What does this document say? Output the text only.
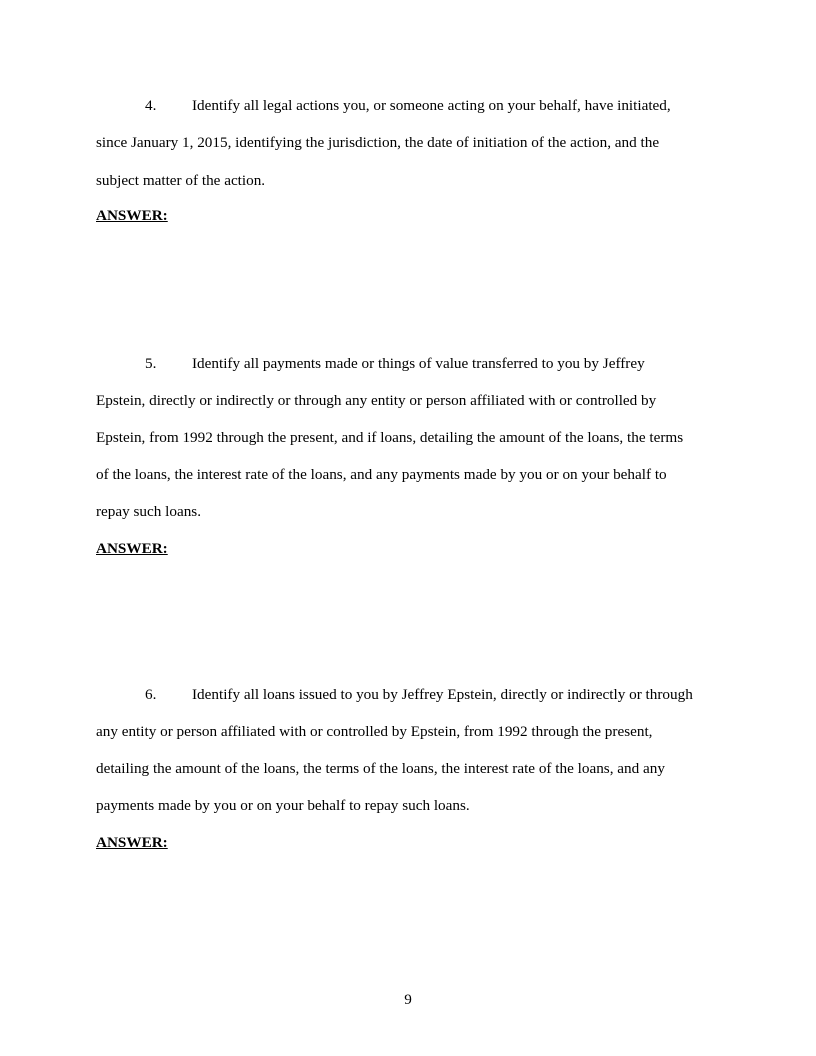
4. Identify all legal actions you, or someone acting on your behalf, have initiated,
since January 1, 2015, identifying the jurisdiction, the date of initiation of the action, and the
subject matter of the action.
ANSWER:
5. Identify all payments made or things of value transferred to you by Jeffrey
Epstein, directly or indirectly or through any entity or person affiliated with or controlled by
Epstein, from 1992 through the present, and if loans, detailing the amount of the loans, the terms
of the loans, the interest rate of the loans, and any payments made by you or on your behalf to
repay such loans.
ANSWER:
6. Identify all loans issued to you by Jeffrey Epstein, directly or indirectly or through
any entity or person affiliated with or controlled by Epstein, from 1992 through the present,
detailing the amount of the loans, the terms of the loans, the interest rate of the loans, and any
payments made by you or on your behalf to repay such loans.
ANSWER:
9
